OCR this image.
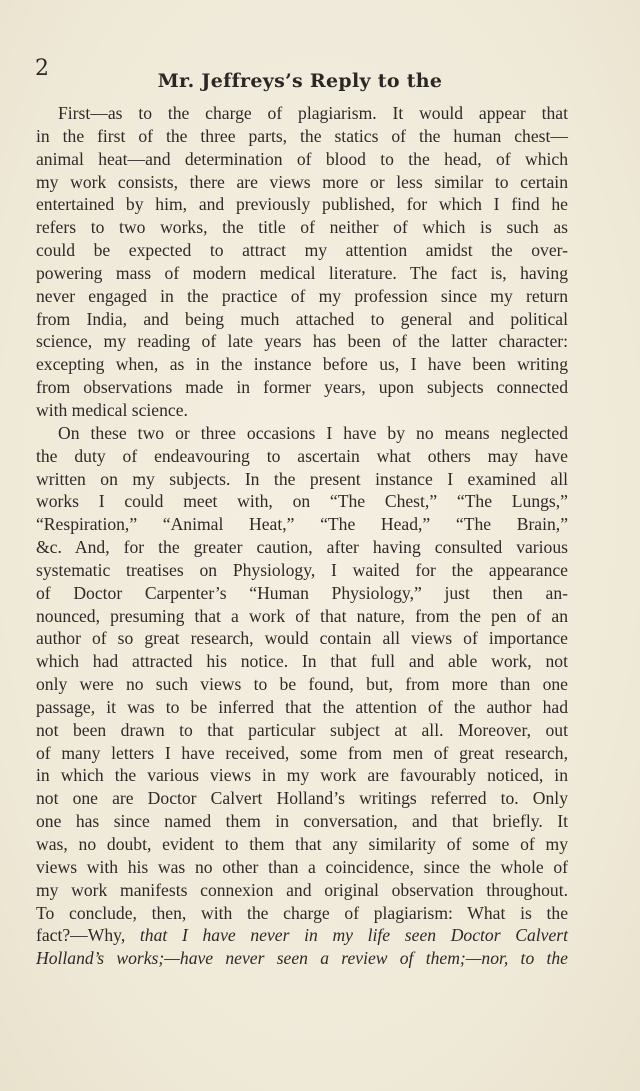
2	Mr. Jeffreys’s Reply to the
First—as to the charge of plagiarism. It would appear that
in the first of the three parts, the statics of the human chest—
animal heat—and determination of blood to the head, of which
my work consists, there are views more or less similar to certain
entertained by him, and previously published, for which I find he
refers to two works, the title of neither of which is such as
could be expected to attract my attention amidst the over-
powering mass of modern medical literature. The fact is, having
never engaged in the practice of my profession since my return
from India, and being much attached to general and political
science, my reading of late years has been of the latter character:
excepting when, as in the instance before us, I have been writing
from observations made in former years, upon subjects connected
with medical science.
On these two or three occasions I have by no means neglected
the duty of endeavouring to ascertain what others may have
written on my subjects. In the present instance I examined all
works I could meet with, on “The Chest,” “The Lungs,”
“Respiration,” “Animal Heat,” “The Head,” “The Brain,”
&c. And, for the greater caution, after having consulted various
systematic treatises on Physiology, I waited for the appearance
of Doctor Carpenter’s “Human Physiology,” just then an-
nounced, presuming that a work of that nature, from the pen of an
author of so great research, would contain all views of importance
which had attracted his notice. In that full and able work, not
only were no such views to be found, but, from more than one
passage, it was to be inferred that the attention of the author had
not been drawn to that particular subject at all. Moreover, out
of many letters I have received, some from men of great research,
in which the various views in my work are favourably noticed, in
not one are Doctor Calvert Holland’s writings referred to. Only
one has since named them in conversation, and that briefly. It
was, no doubt, evident to them that any similarity of some of my
views with his was no other than a coincidence, since the whole of
my work manifests connexion and original observation throughout.
To conclude, then, with the charge of plagiarism: What is the
fact?—Why, that I have never in my life seen Doctor Calvert
Holland’s works;—have never seen a review of them;—nor, to the
